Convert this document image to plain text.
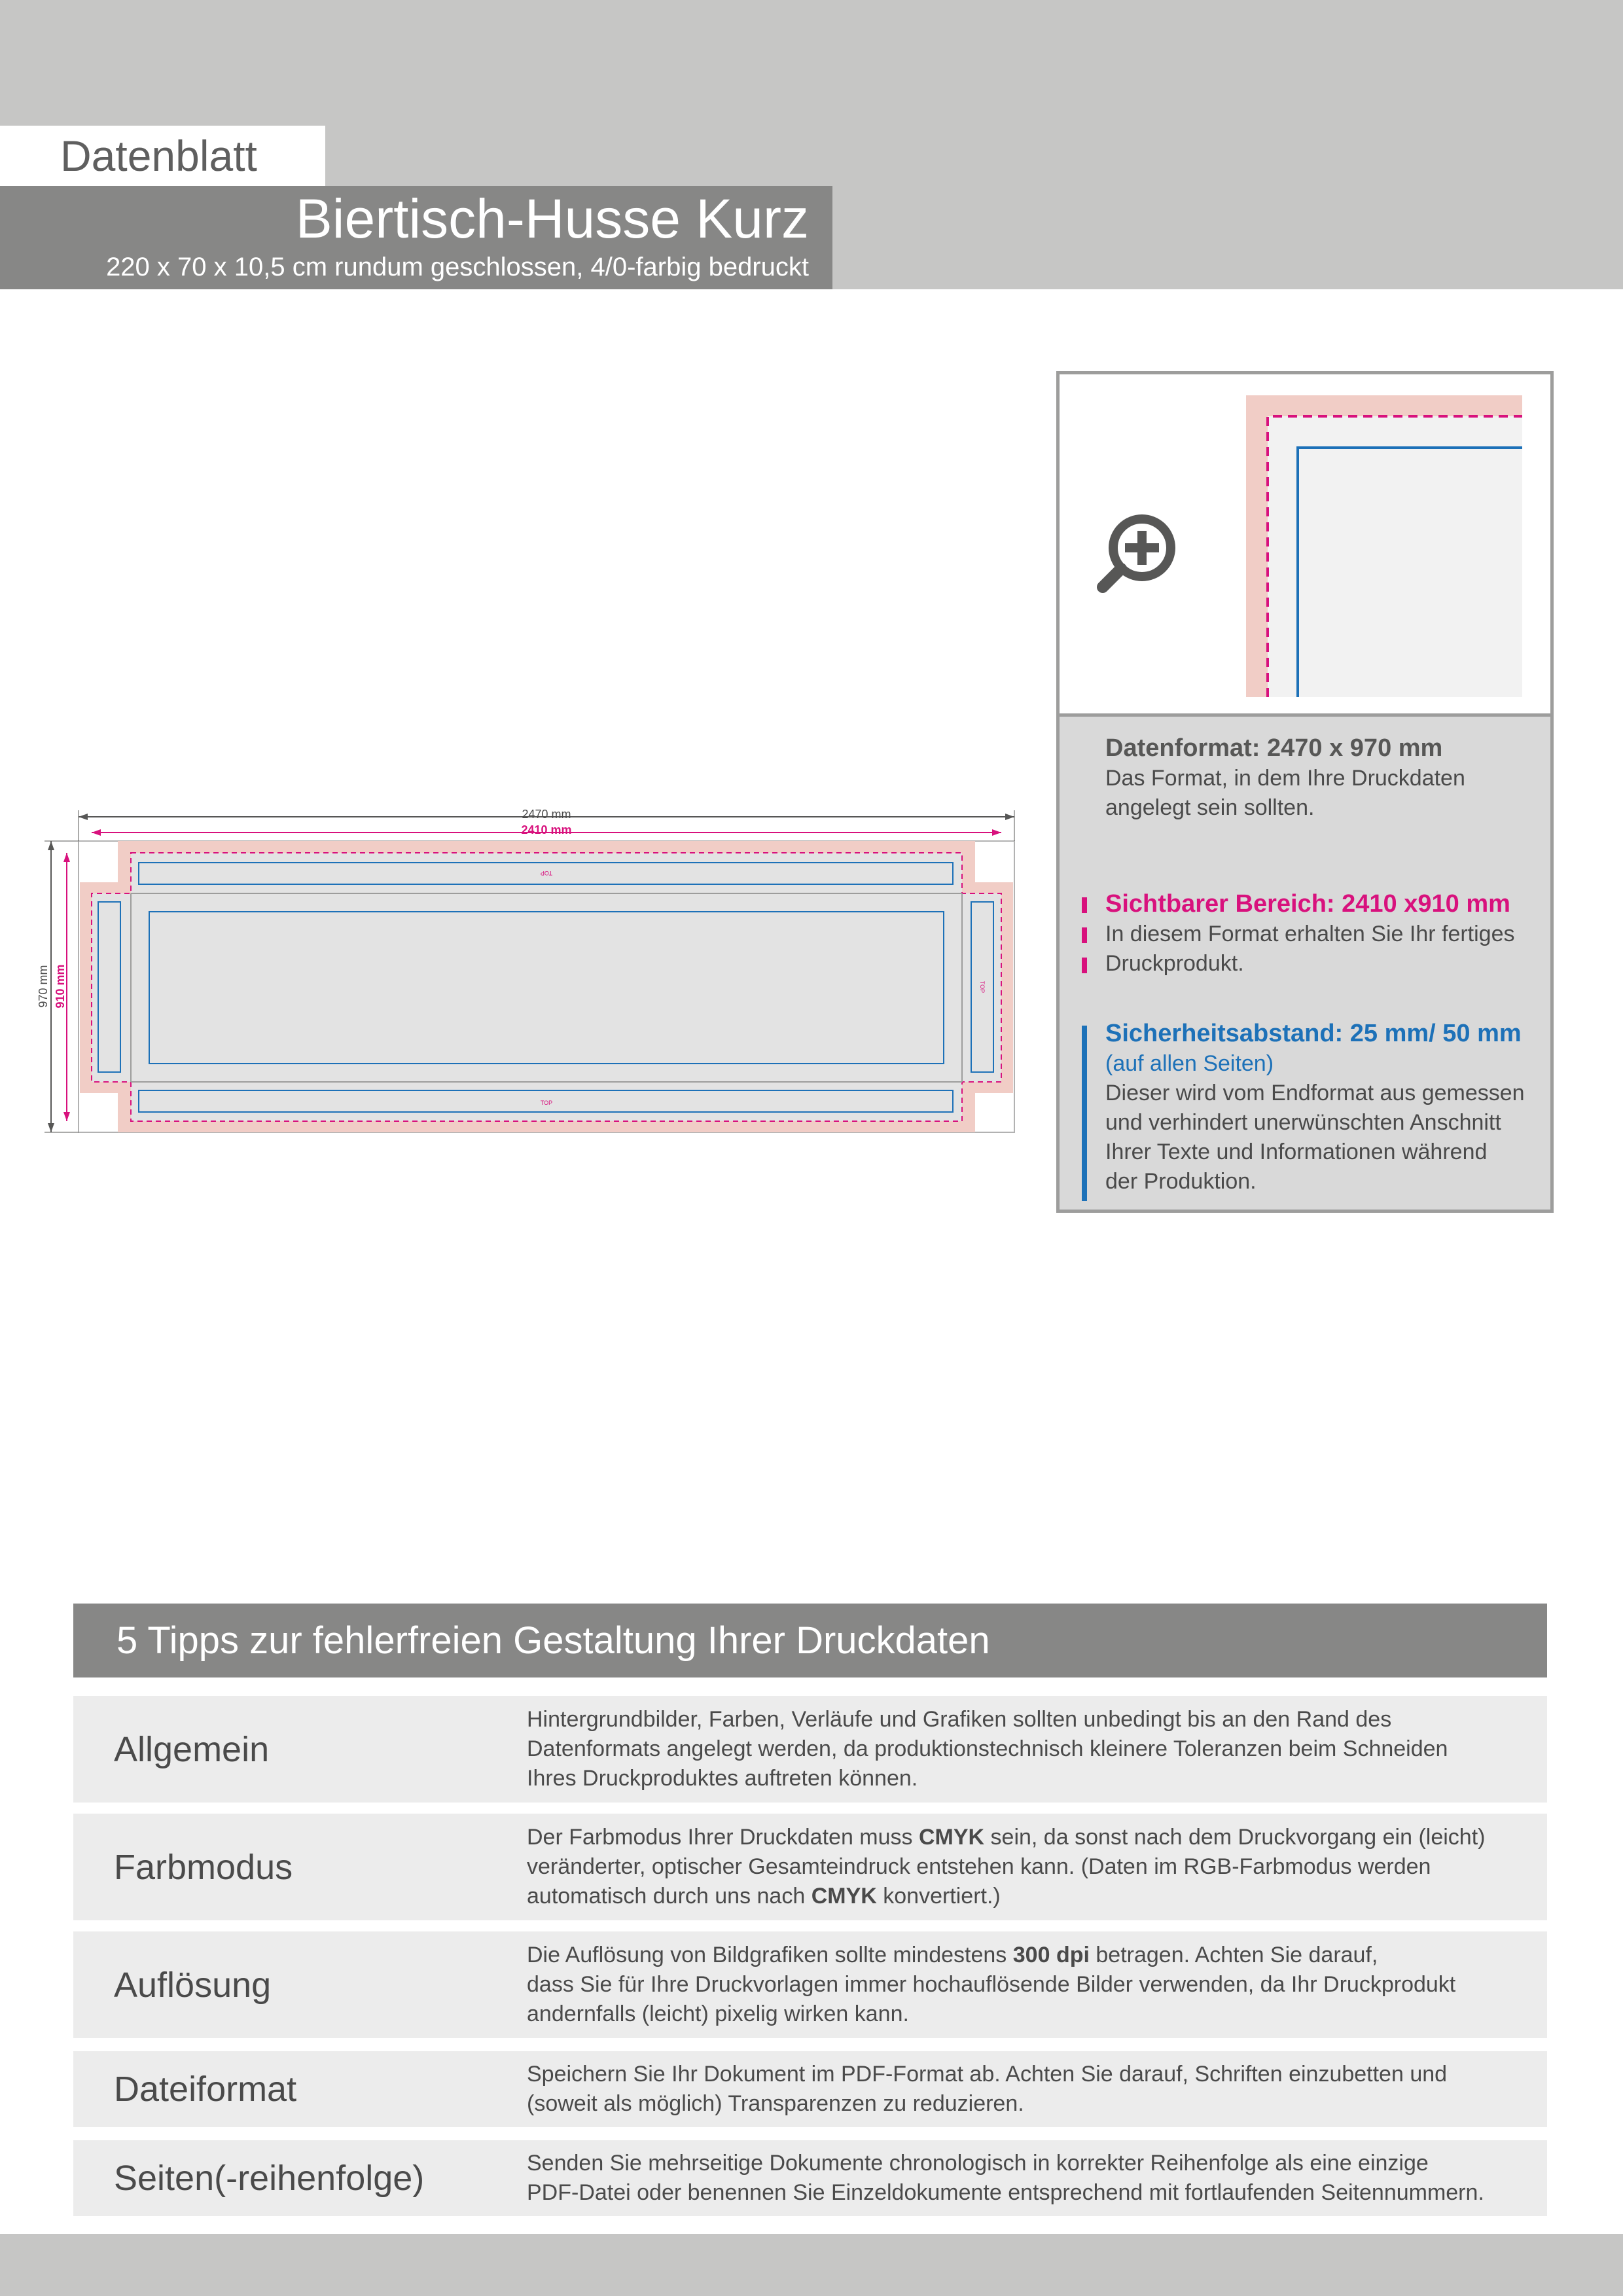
Datenblatt
Biertisch-Husse Kurz
220 x 70 x 10,5 cm rundum geschlossen, 4/0-farbig bedruckt
TOP
TOP
TOP
2470 mm
2410 mm
970 mm 910 mm
Datenformat: 2470 x 970 mm
Das Format, in dem Ihre Druckdaten
angelegt sein sollten.
Sichtbarer Bereich: 2410 x910 mm
In diesem Format erhalten Sie Ihr fertiges
Druckprodukt.
Sicherheitsabstand: 25 mm/ 50 mm
(auf allen Seiten)
Dieser wird vom Endformat aus gemessen
und verhindert unerwünschten Anschnitt
Ihrer Texte und Informationen während
der Produktion.
5 Tipps zur fehlerfreien Gestaltung Ihrer Druckdaten
Allgemein
Hintergrundbilder, Farben, Verläufe und Grafiken sollten unbedingt bis an den Rand des
Datenformats angelegt werden, da produktionstechnisch kleinere Toleranzen beim Schneiden
Ihres Druckproduktes auftreten können.
Farbmodus
Der Farbmodus Ihrer Druckdaten muss CMYK sein, da sonst nach dem Druckvorgang ein (leicht)
veränderter, optischer Gesamteindruck entstehen kann. (Daten im RGB-Farbmodus werden
automatisch durch uns nach CMYK konvertiert.)
Auflösung
Die Auflösung von Bildgrafiken sollte mindestens 300 dpi betragen. Achten Sie darauf,
dass Sie für Ihre Druckvorlagen immer hochauflösende Bilder verwenden, da Ihr Druckprodukt
andernfalls (leicht) pixelig wirken kann.
Dateiformat	Speichern Sie Ihr Dokument im PDF-Format ab. Achten Sie darauf, Schriften einzubetten und
(soweit als möglich) Transparenzen zu reduzieren.
Seiten(-reihenfolge)	Senden Sie mehrseitige Dokumente chronologisch in korrekter Reihenfolge als eine einzige
PDF-Datei oder benennen Sie Einzeldokumente entsprechend mit fortlaufenden Seitennummern.
